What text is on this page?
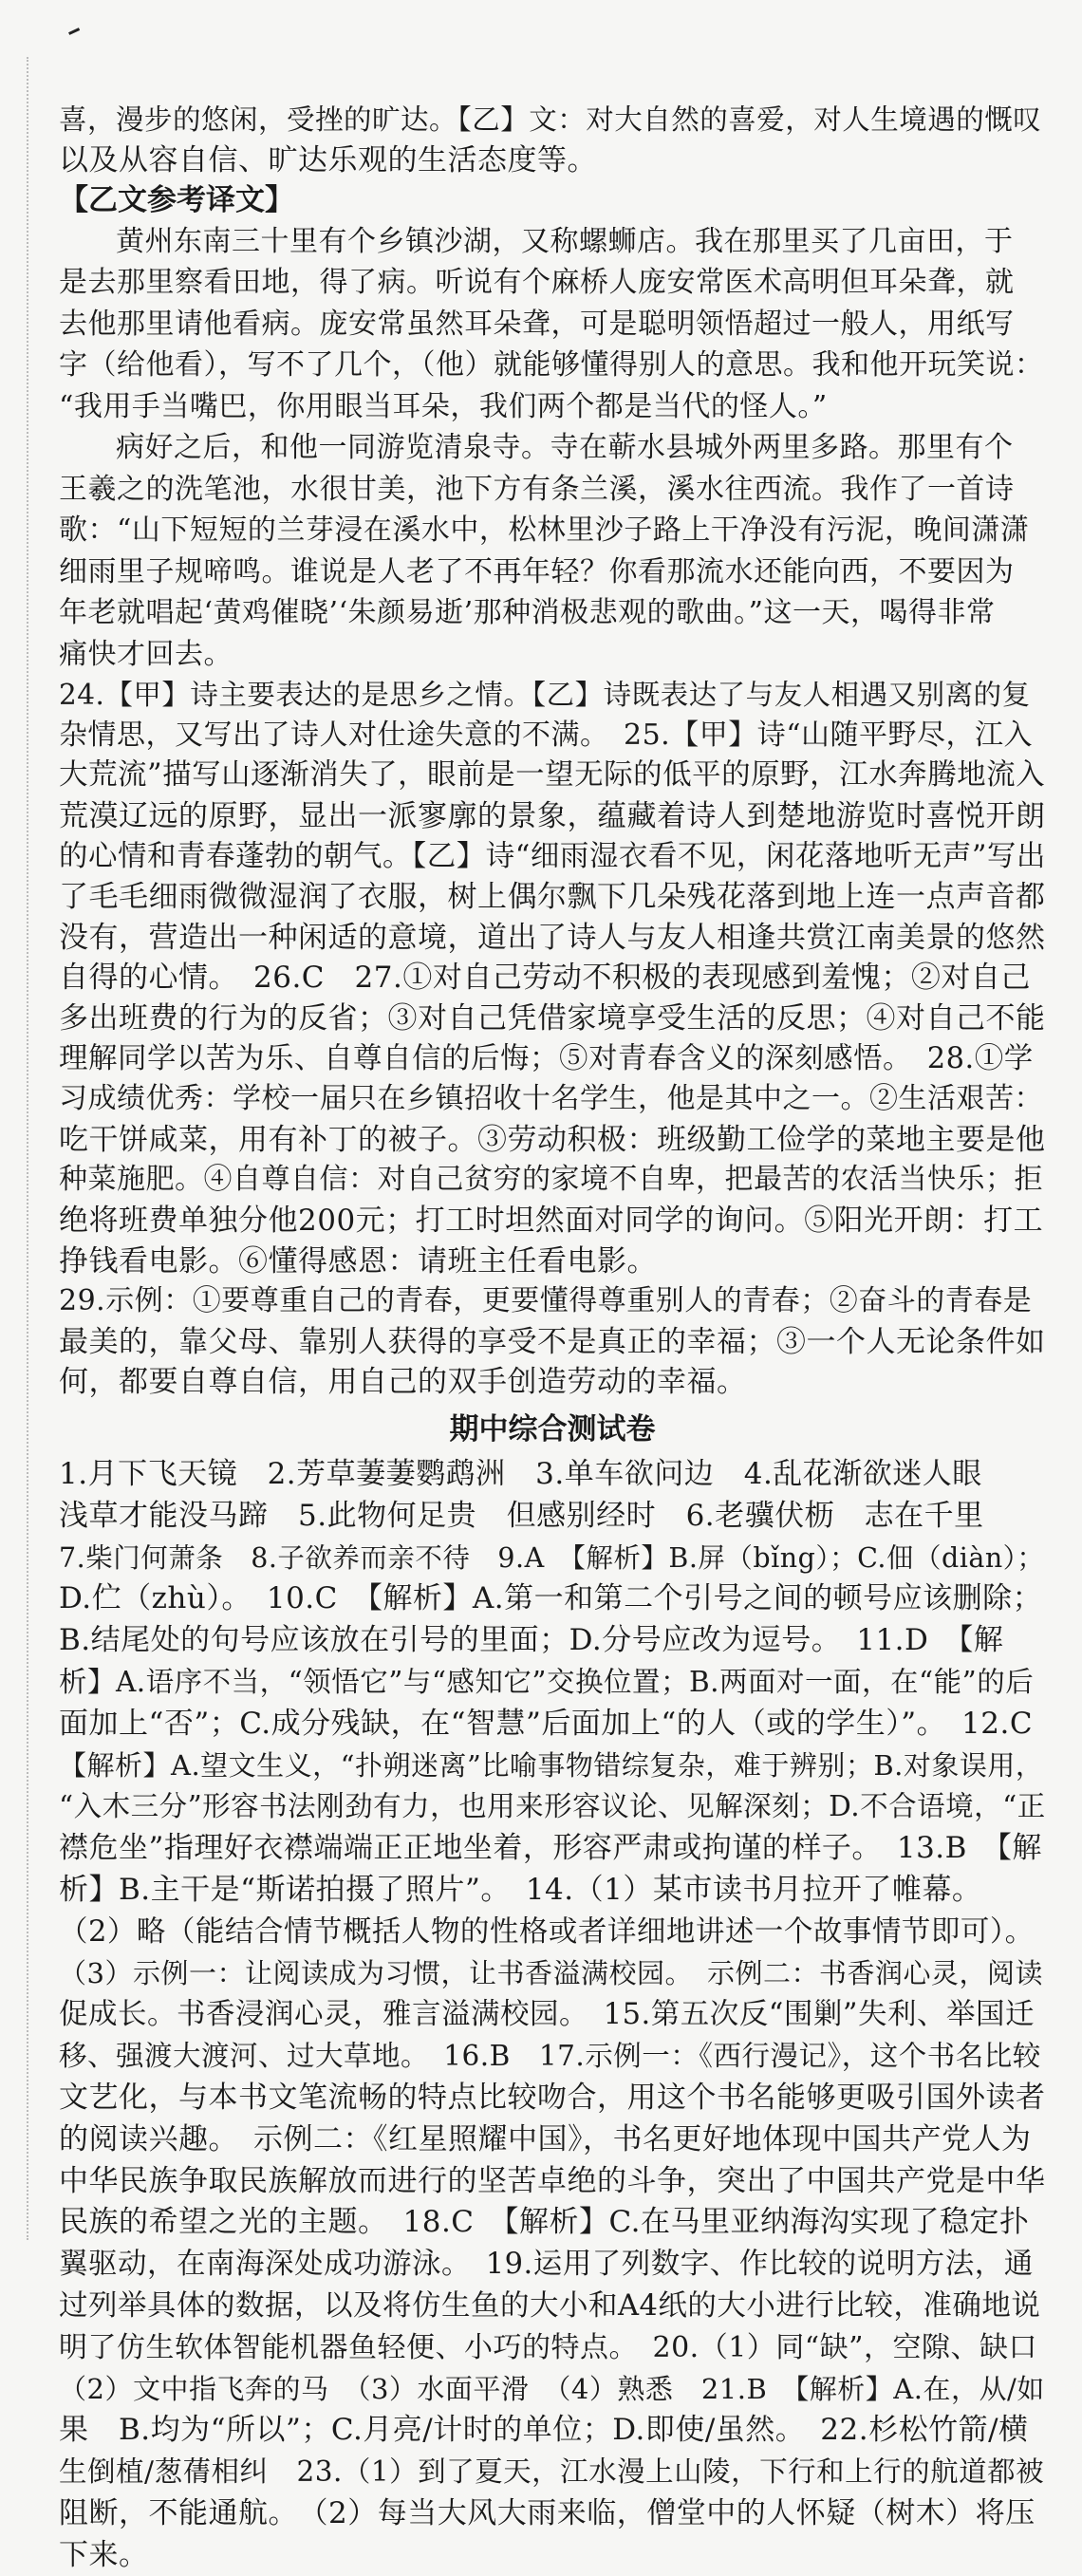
喜，漫步的悠闲，受挫的旷达。【乙】文：对大自然的喜爱，对人生境遇的慨叹

以及从容自信、旷达乐观的生活态度等。

【乙文参考译文】

黄州东南三十里有个乡镇沙湖，又称螺蛳店。我在那里买了几亩田，于

是去那里察看田地，得了病。听说有个麻桥人庞安常医术高明但耳朵聋，就

去他那里请他看病。庞安常虽然耳朵聋，可是聪明领悟超过一般人，用纸写

字（给他看），写不了几个，（他）就能够懂得别人的意思。我和他开玩笑说：

“我用手当嘴巴，你用眼当耳朵，我们两个都是当代的怪人。”

病好之后，和他一同游览清泉寺。寺在蕲水县城外两里多路。那里有个

王羲之的洗笔池，水很甘美，池下方有条兰溪，溪水往西流。我作了一首诗

歌：“山下短短的兰芽浸在溪水中，松林里沙子路上干净没有污泥，晚间潇潇

细雨里子规啼鸣。谁说是人老了不再年轻？你看那流水还能向西，不要因为

年老就唱起‘黄鸡催晓’‘朱颜易逝’那种消极悲观的歌曲。”这一天，喝得非常

痛快才回去。

24.【甲】诗主要表达的是思乡之情。【乙】诗既表达了与友人相遇又别离的复

杂情思，又写出了诗人对仕途失意的不满。　25.【甲】诗“山随平野尽，江入

大荒流”描写山逐渐消失了，眼前是一望无际的低平的原野，江水奔腾地流入

荒漠辽远的原野，显出一派寥廓的景象，蕴藏着诗人到楚地游览时喜悦开朗

的心情和青春蓬勃的朝气。【乙】诗“细雨湿衣看不见，闲花落地听无声”写出

了毛毛细雨微微湿润了衣服，树上偶尔飘下几朵残花落到地上连一点声音都

没有，营造出一种闲适的意境，道出了诗人与友人相逢共赏江南美景的悠然

自得的心情。　26.C　27.①对自己劳动不积极的表现感到羞愧；②对自己

多出班费的行为的反省；③对自己凭借家境享受生活的反思；④对自己不能

理解同学以苦为乐、自尊自信的后悔；⑤对青春含义的深刻感悟。　28.①学

习成绩优秀：学校一届只在乡镇招收十名学生，他是其中之一。②生活艰苦：

吃干饼咸菜，用有补丁的被子。③劳动积极：班级勤工俭学的菜地主要是他

种菜施肥。④自尊自信：对自己贫穷的家境不自卑，把最苦的农活当快乐；拒

绝将班费单独分他200元；打工时坦然面对同学的询问。⑤阳光开朗：打工

挣钱看电影。⑥懂得感恩：请班主任看电影。

29.示例：①要尊重自己的青春，更要懂得尊重别人的青春；②奋斗的青春是

最美的，靠父母、靠别人获得的享受不是真正的幸福；③一个人无论条件如

何，都要自尊自信，用自己的双手创造劳动的幸福。

期中综合测试卷

1.月下飞天镜　2.芳草萋萋鹦鹉洲　3.单车欲问边　4.乱花渐欲迷人眼

浅草才能没马蹄　5.此物何足贵　但感别经时　6.老骥伏枥　志在千里

7.柴门何萧条　8.子欲养而亲不待　9.A　【解析】B.屏（bǐng）；C.佃（diàn）；

D.伫（zhù）。　10.C　【解析】A.第一和第二个引号之间的顿号应该删除；

B.结尾处的句号应该放在引号的里面；D.分号应改为逗号。　11.D　【解

析】A.语序不当，“领悟它”与“感知它”交换位置；B.两面对一面，在“能”的后

面加上“否”；C.成分残缺，在“智慧”后面加上“的人（或的学生）”。　12.C

【解析】A.望文生义，“扑朔迷离”比喻事物错综复杂，难于辨别；B.对象误用，

“入木三分”形容书法刚劲有力，也用来形容议论、见解深刻；D.不合语境，“正

襟危坐”指理好衣襟端端正正地坐着，形容严肃或拘谨的样子。　13.B　【解

析】B.主干是“斯诺拍摄了照片”。　14.（1）某市读书月拉开了帷幕。

（2）略（能结合情节概括人物的性格或者详细地讲述一个故事情节即可）。

（3）示例一：让阅读成为习惯，让书香溢满校园。　示例二：书香润心灵，阅读

促成长。书香浸润心灵，雅言溢满校园。　15.第五次反“围剿”失利、举国迁

移、强渡大渡河、过大草地。　16.B　17.示例一：《西行漫记》，这个书名比较

文艺化，与本书文笔流畅的特点比较吻合，用这个书名能够更吸引国外读者

的阅读兴趣。　示例二：《红星照耀中国》，书名更好地体现中国共产党人为

中华民族争取民族解放而进行的坚苦卓绝的斗争，突出了中国共产党是中华

民族的希望之光的主题。　18.C　【解析】C.在马里亚纳海沟实现了稳定扑

翼驱动，在南海深处成功游泳。　19.运用了列数字、作比较的说明方法，通

过列举具体的数据，以及将仿生鱼的大小和A4纸的大小进行比较，准确地说

明了仿生软体智能机器鱼轻便、小巧的特点。　20.（1）同“缺”，空隙、缺口

（2）文中指飞奔的马　（3）水面平滑　（4）熟悉　21.B　【解析】A.在，从/如

果　B.均为“所以”；C.月亮/计时的单位；D.即使/虽然。　22.杉松竹箭/横

生倒植/葱蒨相纠　23.（1）到了夏天，江水漫上山陵，下行和上行的航道都被

阻断，不能通航。　（2）每当大风大雨来临，僧堂中的人怀疑（树木）将压

下来。
